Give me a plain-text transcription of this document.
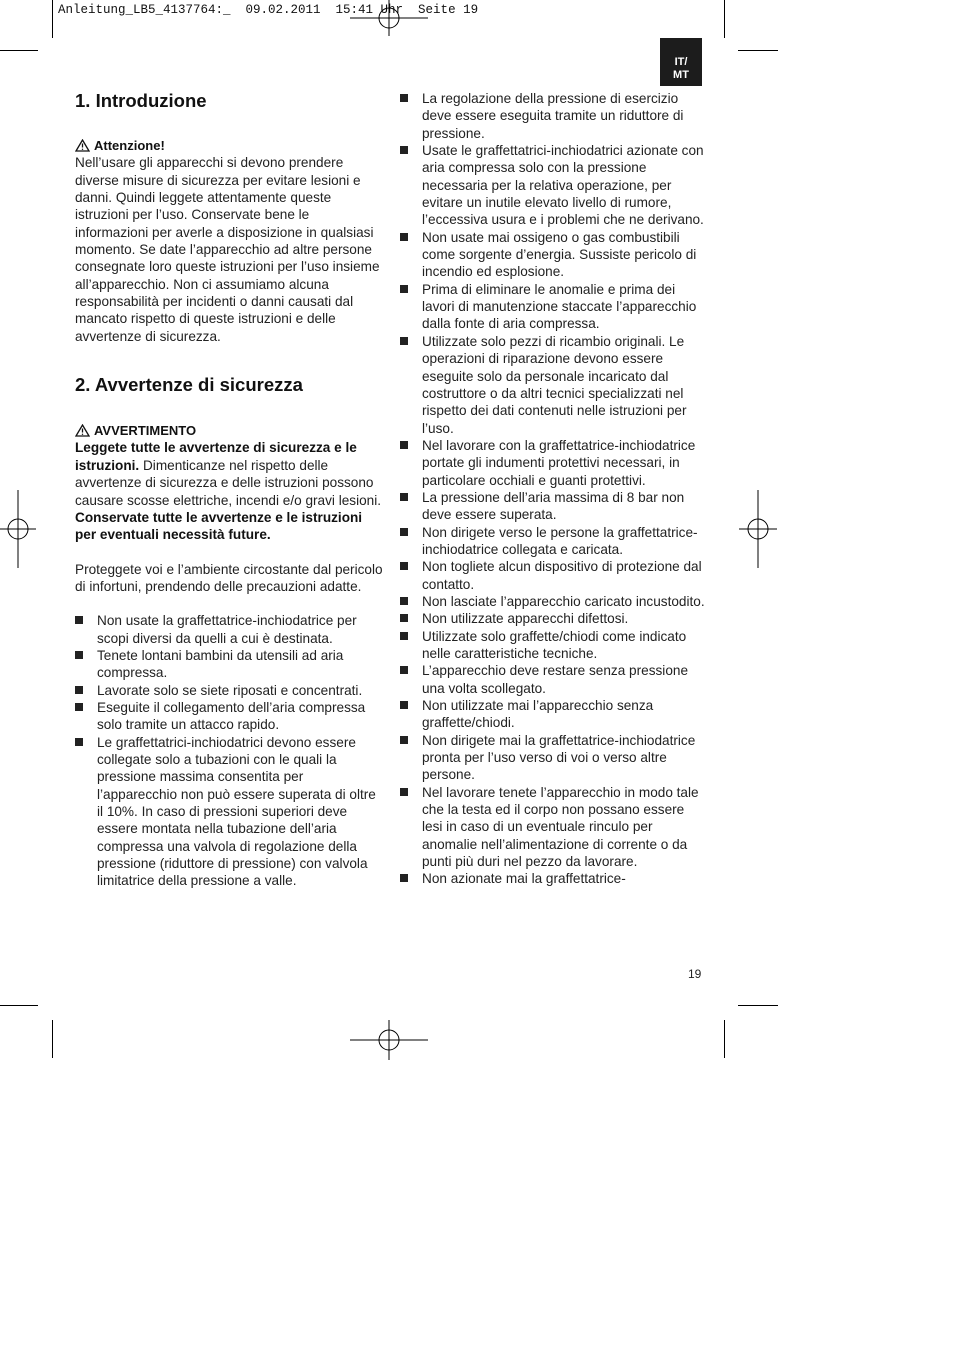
Anleitung_LB5_4137764:_  09.02.2011  15:41 Uhr  Seite 19
IT/
MT
1. Introduzione
Attenzione!

Nell’usare gli apparecchi si devono prendere diverse misure di sicurezza per evitare lesioni e danni. Quindi leggete attentamente queste istruzioni per l’uso. Conservate bene le informazioni per averle a disposizione in qualsiasi momento. Se date l’apparecchio ad altre persone consegnate loro queste istruzioni per l’uso insieme all’apparecchio. Non ci assumiamo alcuna responsabilità per incidenti o danni causati dal mancato rispetto di queste istruzioni e delle avvertenze di sicurezza.

2. Avvertenze di sicurezza
AVVERTIMENTO

Leggete tutte le avvertenze di sicurezza e le istruzioni. Dimenticanze nel rispetto delle avvertenze di sicurezza e delle istruzioni possono causare scosse elettriche, incendi e/o gravi lesioni.

Conservate tutte le avvertenze e le istruzioni per eventuali necessità future.

Proteggete voi e l’ambiente circostante dal pericolo di infortuni, prendendo delle precauzioni adatte.

Non usate la graffettatrice-inchiodatrice per scopi diversi da quelli a cui è destinata.
Tenete lontani bambini da utensili ad aria compressa.
Lavorate solo se siete riposati e concentrati.
Eseguite il collegamento dell’aria compressa solo tramite un attacco rapido.
Le graffettatrici-inchiodatrici devono essere collegate solo a tubazioni con le quali la pressione massima consentita per l’apparecchio non può essere superata di oltre il 10%. In caso di pressioni superiori deve essere montata nella tubazione dell’aria compressa una valvola di regolazione della pressione (riduttore di pressione) con valvola limitatrice della pressione a valle.
La regolazione della pressione di esercizio deve essere eseguita tramite un riduttore di pressione.
Usate le graffettatrici-inchiodatrici azionate con aria compressa solo con la pressione necessaria per la relativa operazione, per evitare un inutile elevato livello di rumore, l’eccessiva usura e i problemi che ne derivano.
Non usate mai ossigeno o gas combustibili come sorgente d’energia. Sussiste pericolo di incendio ed esplosione.
Prima di eliminare le anomalie e prima dei lavori di manutenzione staccate l’apparecchio dalla fonte di aria compressa.
Utilizzate solo pezzi di ricambio originali. Le operazioni di riparazione devono essere eseguite solo da personale incaricato dal costruttore o da altri tecnici specializzati nel rispetto dei dati contenuti nelle istruzioni per l’uso.
Nel lavorare con la graffettatrice-inchiodatrice portate gli indumenti protettivi necessari, in particolare occhiali e guanti protettivi.
La pressione dell’aria massima di 8 bar non deve essere superata.
Non dirigete verso le persone la graffettatrice-inchiodatrice collegata e caricata.
Non togliete alcun dispositivo di protezione dal contatto.
Non lasciate l’apparecchio caricato incustodito.
Non utilizzate apparecchi difettosi.
Utilizzate solo graffette/chiodi come indicato nelle caratteristiche tecniche.
L’apparecchio deve restare senza pressione una volta scollegato.
Non utilizzate mai l’apparecchio senza graffette/chiodi.
Non dirigete mai la graffettatrice-inchiodatrice pronta per l’uso verso di voi o verso altre persone.
Nel lavorare tenete l’apparecchio in modo tale che la testa ed il corpo non possano essere lesi in caso di un eventuale rinculo per anomalie nell’alimentazione di corrente o da punti più duri nel pezzo da lavorare.
Non azionate mai la graffettatrice-
19
